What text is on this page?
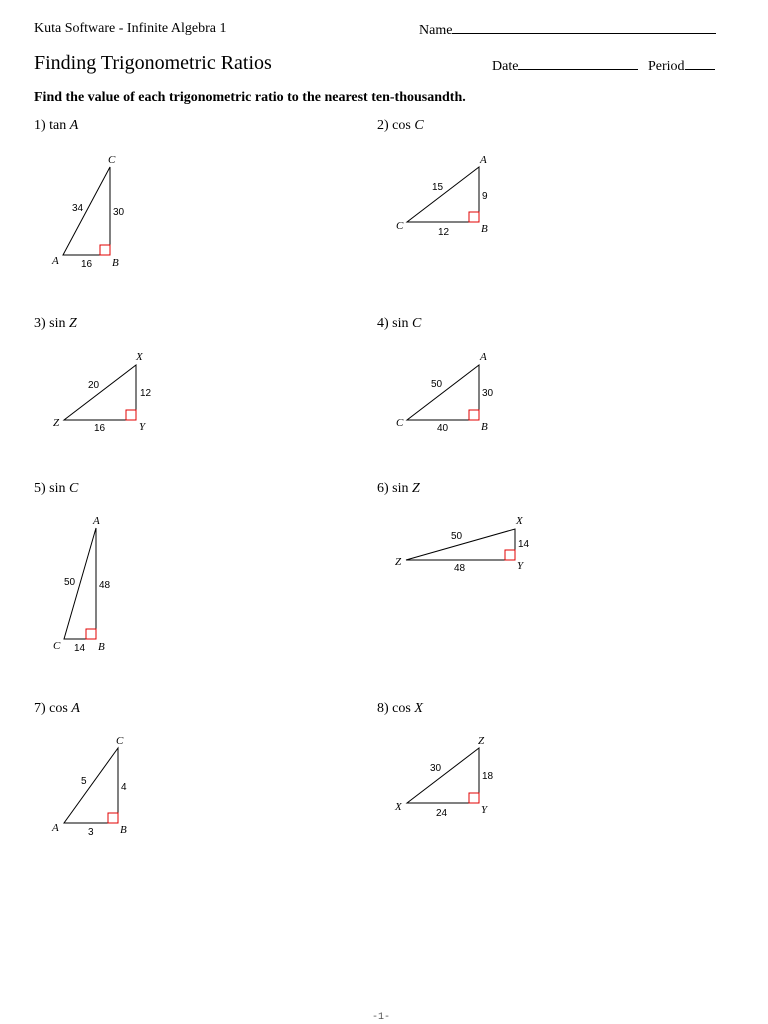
Kuta Software - Infinite Algebra 1	Name
Finding Trigonometric Ratios	Date	Period
Find the value of each trigonometric ratio to the nearest ten-thousandth.
1) tan A
C
A	B
34	30
16
2) cos C
A
C	B
15
9
12
3) sin Z
X
Z	Y
20
12
16
4) sin C
A
C	B
50
30
40
5) sin C
A
C	B
50 48
14
6) sin Z
X
Z	Y
50
14
48
7) cos A
C
A	B
5
4
3
8) cos X
Z
X	Y
30
18
24
-1-
